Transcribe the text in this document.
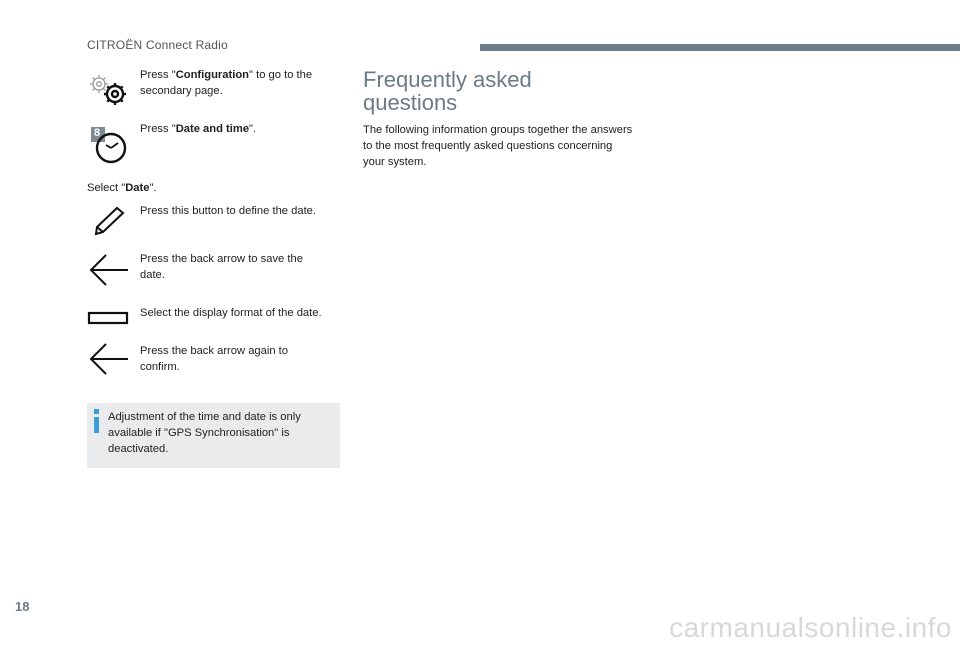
CITROËN Connect Radio
Press "Configuration" to go to the secondary page.
8	Press "Date and time".
Select "Date".
Press this button to define the date.
Press the back arrow to save the date.
Select the display format of the date.
Press the back arrow again to confirm.
Adjustment of the time and date is only available if "GPS Synchronisation" is deactivated.
Frequently asked questions
The following information groups together the answers to the most frequently asked questions concerning your system.
18
carmanualsonline.info
